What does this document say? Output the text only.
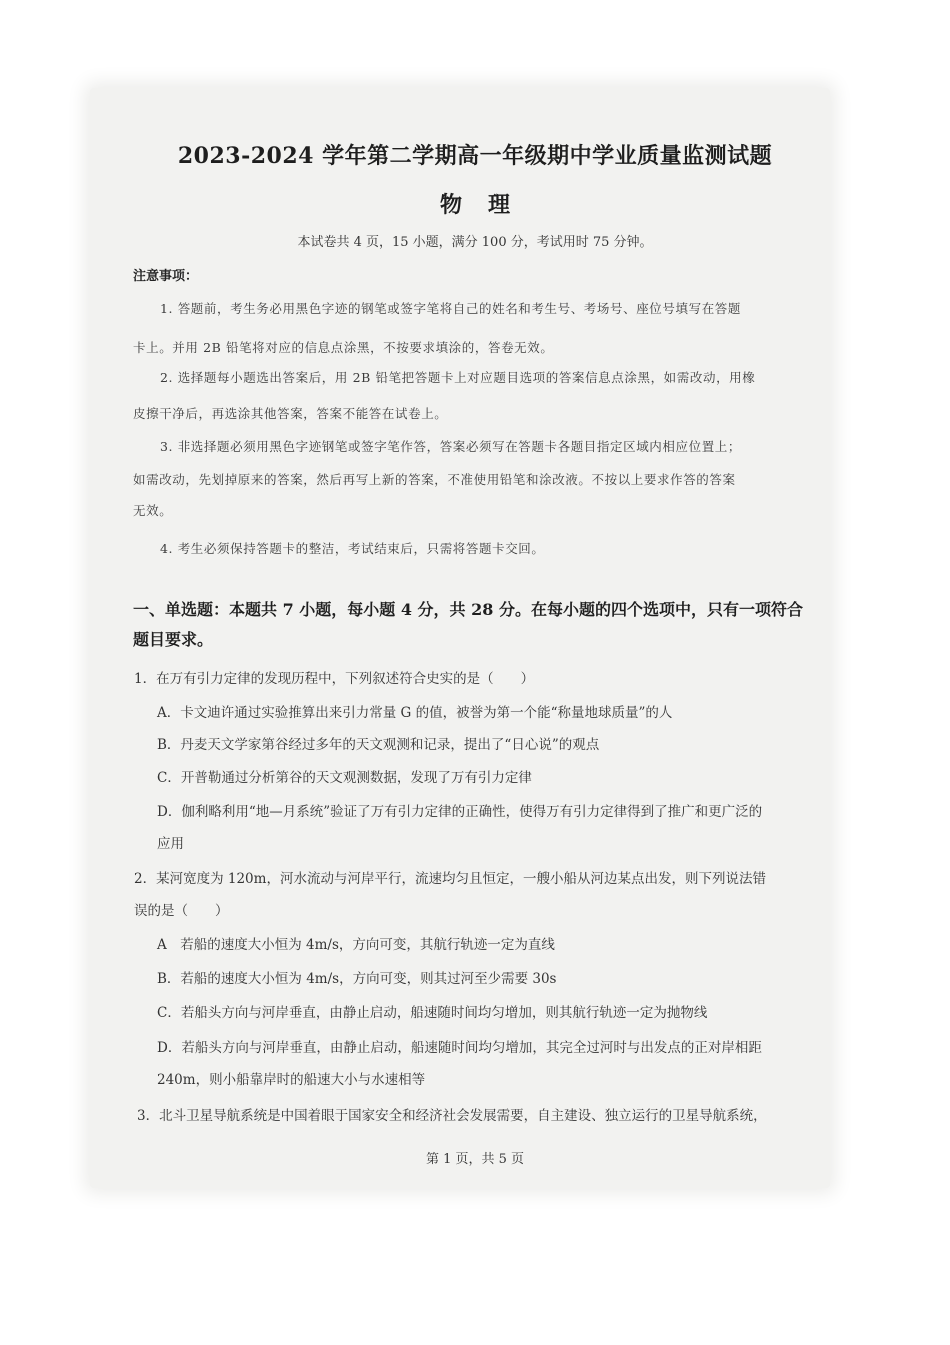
2023-2024 学年第二学期高一年级期中学业质量监测试题
物理
本试卷共 4 页，15 小题，满分 100 分，考试用时 75 分钟。
注意事项：
1. 答题前，考生务必用黑色字迹的钢笔或签字笔将自己的姓名和考生号、考场号、座位号填写在答题
卡上。并用 2B 铅笔将对应的信息点涂黑，不按要求填涂的，答卷无效。
2. 选择题每小题选出答案后，用 2B 铅笔把答题卡上对应题目选项的答案信息点涂黑，如需改动，用橡
皮擦干净后，再选涂其他答案，答案不能答在试卷上。
3. 非选择题必须用黑色字迹钢笔或签字笔作答，答案必须写在答题卡各题目指定区域内相应位置上；
如需改动，先划掉原来的答案，然后再写上新的答案，不准使用铅笔和涂改液。不按以上要求作答的答案
无效。
4. 考生必须保持答题卡的整洁，考试结束后，只需将答题卡交回。
一、单选题：本题共 7 小题，每小题 4 分，共 28 分。在每小题的四个选项中，只有一项符合
题目要求。
1．在万有引力定律的发现历程中，下列叙述符合史实的是（　　）
A．卡文迪许通过实验推算出来引力常量 G 的值，被誉为第一个能“称量地球质量”的人
B．丹麦天文学家第谷经过多年的天文观测和记录，提出了“日心说”的观点
C．开普勒通过分析第谷的天文观测数据，发现了万有引力定律
D．伽利略利用“地—月系统”验证了万有引力定律的正确性，使得万有引力定律得到了推广和更广泛的
应用
2．某河宽度为 120m，河水流动与河岸平行，流速均匀且恒定，一艘小船从河边某点出发，则下列说法错
误的是（　　）
A　若船的速度大小恒为 4m/s，方向可变，其航行轨迹一定为直线
B．若船的速度大小恒为 4m/s，方向可变，则其过河至少需要 30s
C．若船头方向与河岸垂直，由静止启动，船速随时间均匀增加，则其航行轨迹一定为抛物线
D．若船头方向与河岸垂直，由静止启动，船速随时间均匀增加，其完全过河时与出发点的正对岸相距
240m，则小船靠岸时的船速大小与水速相等
3．北斗卫星导航系统是中国着眼于国家安全和经济社会发展需要，自主建设、独立运行的卫星导航系统，
第 1 页，共 5 页
